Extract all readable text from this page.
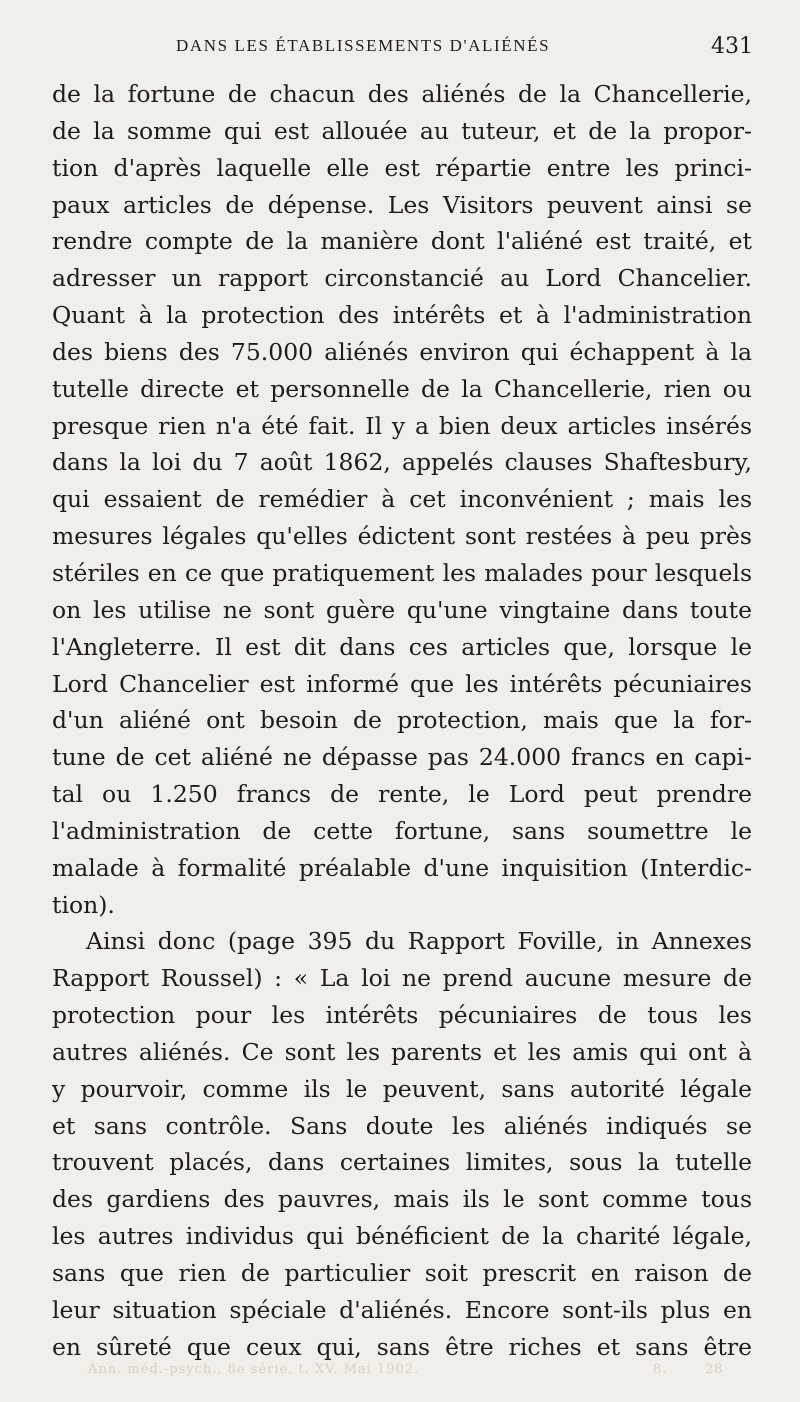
DANS LES ÉTABLISSEMENTS D'ALIÉNÉS	431
de la fortune de chacun des aliénés de la Chancellerie,
de la somme qui est allouée au tuteur, et de la propor-
tion d'après laquelle elle est répartie entre les princi-
paux articles de dépense. Les Visitors peuvent ainsi se
rendre compte de la manière dont l'aliéné est traité, et
adresser un rapport circonstancié au Lord Chancelier.
Quant à la protection des intérêts et à l'administration
des biens des 75.000 aliénés environ qui échappent à la
tutelle directe et personnelle de la Chancellerie, rien ou
presque rien n'a été fait. Il y a bien deux articles insérés
dans la loi du 7 août 1862, appelés clauses Shaftesbury,
qui essaient de remédier à cet inconvénient ; mais les
mesures légales qu'elles édictent sont restées à peu près
stériles en ce que pratiquement les malades pour lesquels
on les utilise ne sont guère qu'une vingtaine dans toute
l'Angleterre. Il est dit dans ces articles que, lorsque le
Lord Chancelier est informé que les intérêts pécuniaires
d'un aliéné ont besoin de protection, mais que la for-
tune de cet aliéné ne dépasse pas 24.000 francs en capi-
tal ou 1.250 francs de rente, le Lord peut prendre
l'administration de cette fortune, sans soumettre le
malade à formalité préalable d'une inquisition (Interdic-
tion).
Ainsi donc (page 395 du Rapport Foville, in Annexes
Rapport Roussel) : « La loi ne prend aucune mesure de
protection pour les intérêts pécuniaires de tous les
autres aliénés. Ce sont les parents et les amis qui ont à
y pourvoir, comme ils le peuvent, sans autorité légale
et sans contrôle. Sans doute les aliénés indiqués se
trouvent placés, dans certaines limites, sous la tutelle
des gardiens des pauvres, mais ils le sont comme tous
les autres individus qui bénéficient de la charité légale,
sans que rien de particulier soit prescrit en raison de
leur situation spéciale d'aliénés. Encore sont-ils plus en
en sûreté que ceux qui, sans être riches et sans être
Ann. méd.-psych., 8e série, t. XV. Mai 1902.	8.	28
